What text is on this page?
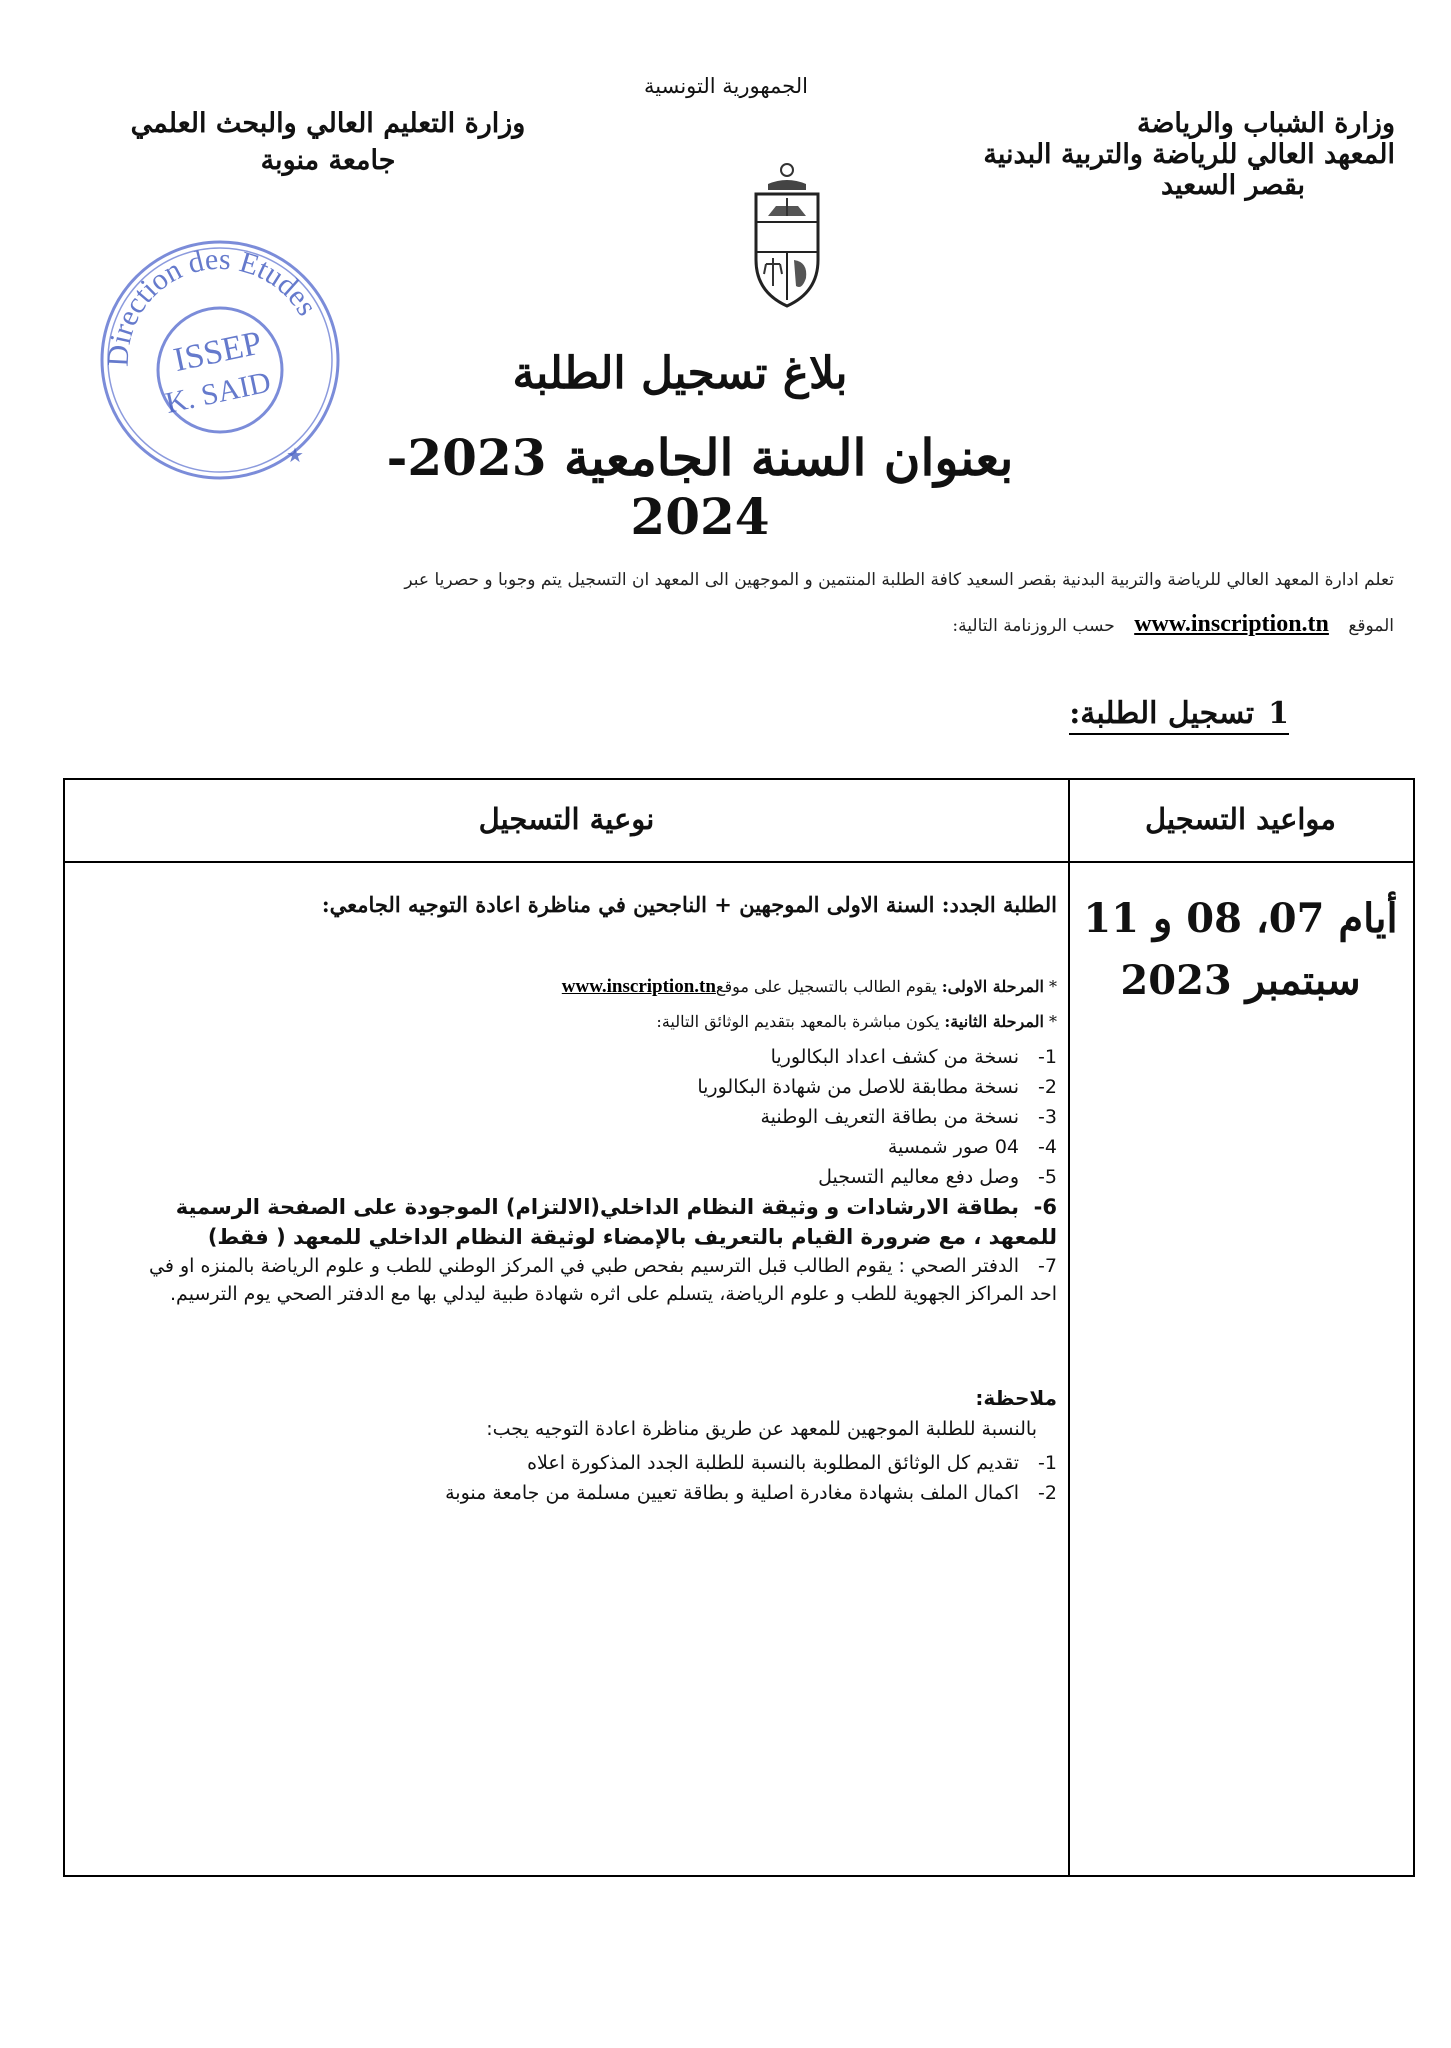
الجمهورية التونسية
وزارة الشباب والرياضة
المعهد العالي للرياضة والتربية البدنية
بقصر السعيد
وزارة التعليم العالي والبحث العلمي
جامعة منوبة
Direction des Etudes
ISSEP
K. SAID
★
بلاغ تسجيل الطلبة
بعنوان السنة الجامعية 2023-2024
تعلم ادارة المعهد العالي للرياضة والتربية البدنية بقصر السعيد كافة الطلبة المنتمين و الموجهين الى المعهد ان التسجيل يتم وجوبا و حصريا عبر
الموقع www.inscription.tn حسب الروزنامة التالية:
1تسجيل الطلبة:
مواعيد التسجيل
نوعية التسجيل
أيام 07، 08 و 11
سبتمبر 2023
الطلبة الجدد: السنة الاولى الموجهين + الناجحين في مناظرة اعادة التوجيه الجامعي:
* المرحلة الاولى: يقوم الطالب بالتسجيل على موقعwww.inscription.tn
* المرحلة الثانية: يكون مباشرة بالمعهد بتقديم الوثائق التالية:
1-نسخة من كشف اعداد البكالوريا
2-نسخة مطابقة للاصل من شهادة البكالوريا
3-نسخة من بطاقة التعريف الوطنية
4-04 صور شمسية
5-وصل دفع معاليم التسجيل
6-بطاقة الارشادات و وثيقة النظام الداخلي(الالتزام) الموجودة على الصفحة الرسمية للمعهد ، مع ضرورة القيام بالتعريف بالإمضاء لوثيقة النظام الداخلي للمعهد ( فقط)
7-الدفتر الصحي : يقوم الطالب قبل الترسيم بفحص طبي في المركز الوطني للطب و علوم الرياضة بالمنزه او في احد المراكز الجهوية للطب و علوم الرياضة، يتسلم على اثره شهادة طبية ليدلي بها مع الدفتر الصحي يوم الترسيم.
ملاحظة:
بالنسبة للطلبة الموجهين للمعهد عن طريق مناظرة اعادة التوجيه يجب:
1-تقديم كل الوثائق المطلوبة بالنسبة للطلبة الجدد المذكورة اعلاه
2-اكمال الملف بشهادة مغادرة اصلية و بطاقة تعيين مسلمة من جامعة منوبة
